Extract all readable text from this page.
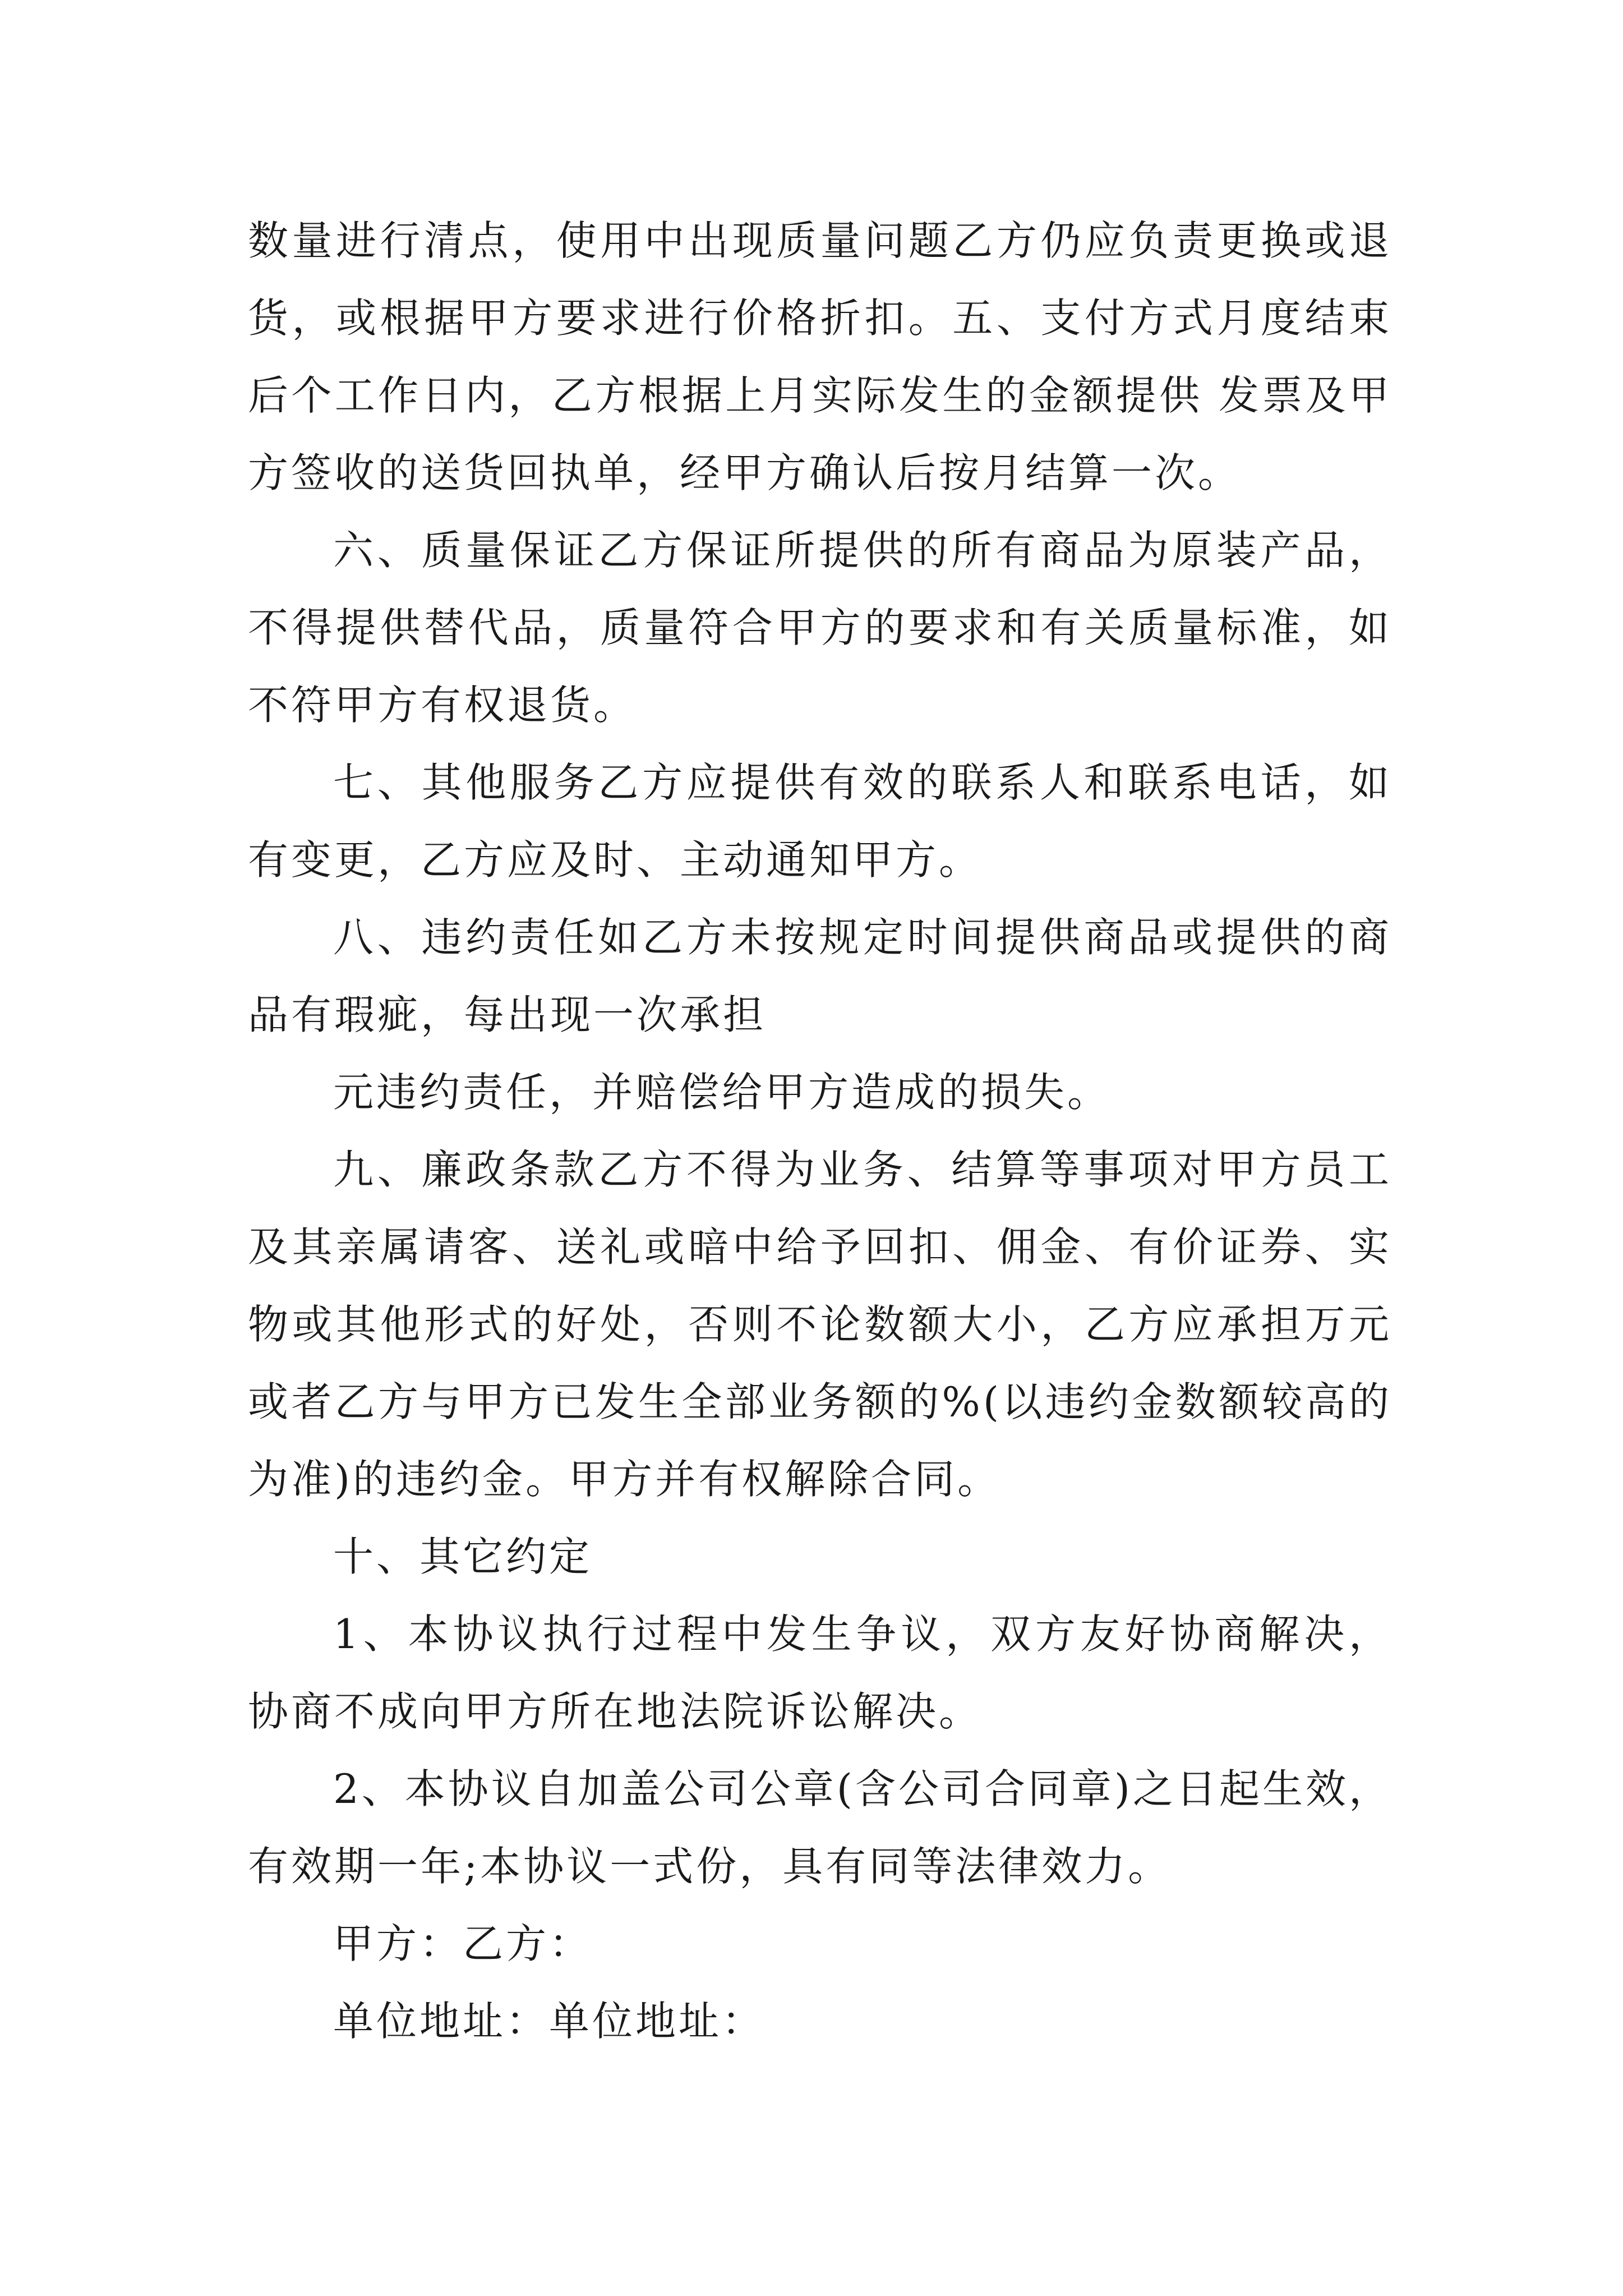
数量进行清点，使用中出现质量问题乙方仍应负责更换或退货，或根据甲方要求进行价格折扣。五、支付方式月度结束后个工作日内，乙方根据上月实际发生的金额提供 发票及甲方签收的送货回执单，经甲方确认后按月结算一次。

六、质量保证乙方保证所提供的所有商品为原装产品，不得提供替代品，质量符合甲方的要求和有关质量标准，如不符甲方有权退货。

七、其他服务乙方应提供有效的联系人和联系电话，如有变更，乙方应及时、主动通知甲方。

八、违约责任如乙方未按规定时间提供商品或提供的商品有瑕疵，每出现一次承担

元违约责任，并赔偿给甲方造成的损失。

九、廉政条款乙方不得为业务、结算等事项对甲方员工及其亲属请客、送礼或暗中给予回扣、佣金、有价证券、实物或其他形式的好处，否则不论数额大小，乙方应承担万元或者乙方与甲方已发生全部业务额的%(以违约金数额较高的为准)的违约金。甲方并有权解除合同。

十、其它约定

1、本协议执行过程中发生争议，双方友好协商解决，协商不成向甲方所在地法院诉讼解决。

2、本协议自加盖公司公章(含公司合同章)之日起生效，有效期一年;本协议一式份，具有同等法律效力。

甲方：乙方：

单位地址：单位地址：
